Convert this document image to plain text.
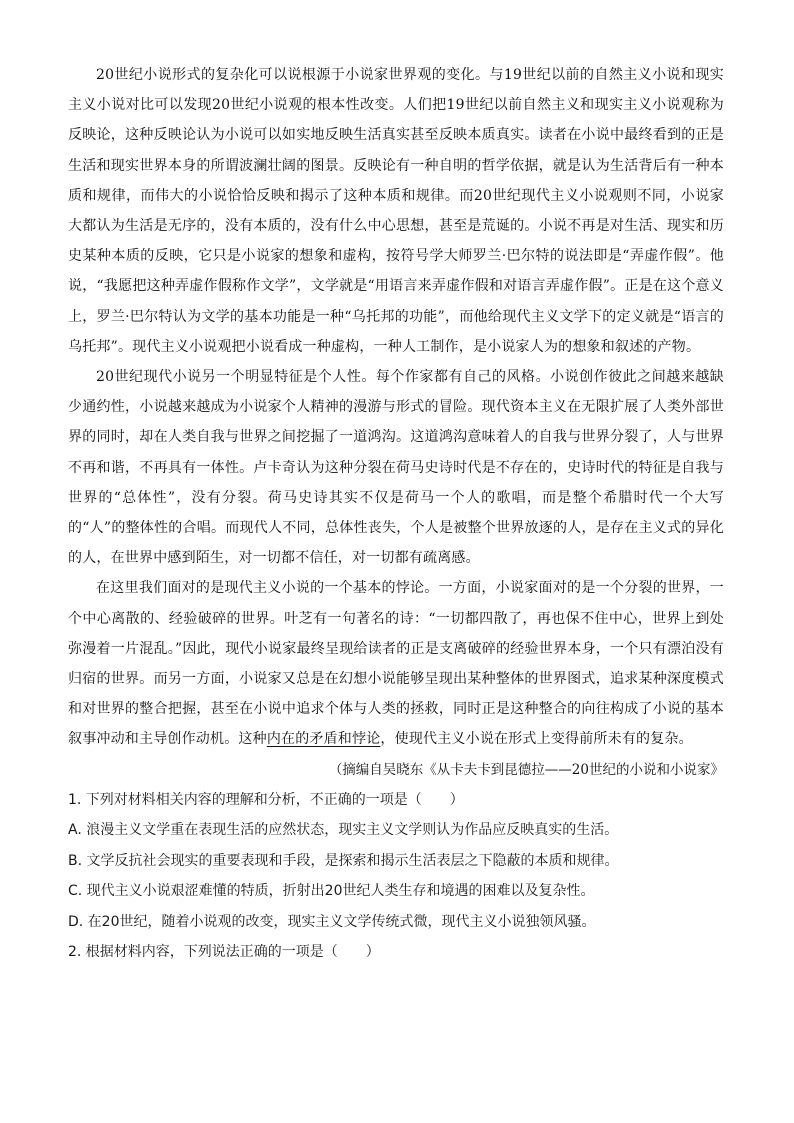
20世纪小说形式的复杂化可以说根源于小说家世界观的变化。与19世纪以前的自然主义小说和现实主义小说对比可以发现20世纪小说观的根本性改变。人们把19世纪以前自然主义和现实主义小说观称为反映论，这种反映论认为小说可以如实地反映生活真实甚至反映本质真实。读者在小说中最终看到的正是生活和现实世界本身的所谓波澜壮阔的图景。反映论有一种自明的哲学依据，就是认为生活背后有一种本质和规律，而伟大的小说恰恰反映和揭示了这种本质和规律。而20世纪现代主义小说观则不同，小说家大都认为生活是无序的，没有本质的，没有什么中心思想，甚至是荒诞的。小说不再是对生活、现实和历史某种本质的反映，它只是小说家的想象和虚构，按符号学大师罗兰·巴尔特的说法即是“弄虚作假”。他说，“我愿把这种弄虚作假称作文学”，文学就是“用语言来弄虚作假和对语言弄虚作假”。正是在这个意义上，罗兰·巴尔特认为文学的基本功能是一种“乌托邦的功能”，而他给现代主义文学下的定义就是“语言的乌托邦”。现代主义小说观把小说看成一种虚构，一种人工制作，是小说家人为的想象和叙述的产物。

20世纪现代小说另一个明显特征是个人性。每个作家都有自己的风格。小说创作彼此之间越来越缺少通约性，小说越来越成为小说家个人精神的漫游与形式的冒险。现代资本主义在无限扩展了人类外部世界的同时，却在人类自我与世界之间挖掘了一道鸿沟。这道鸿沟意味着人的自我与世界分裂了，人与世界不再和谐，不再具有一体性。卢卡奇认为这种分裂在荷马史诗时代是不存在的，史诗时代的特征是自我与世界的“总体性”，没有分裂。荷马史诗其实不仅是荷马一个人的歌唱，而是整个希腊时代一个大写的“人”的整体性的合唱。而现代人不同，总体性丧失，个人是被整个世界放逐的人，是存在主义式的异化的人，在世界中感到陌生，对一切都不信任，对一切都有疏离感。

在这里我们面对的是现代主义小说的一个基本的悖论。一方面，小说家面对的是一个分裂的世界，一个中心离散的、经验破碎的世界。叶芝有一句著名的诗：“一切都四散了，再也保不住中心，世界上到处弥漫着一片混乱。”因此，现代小说家最终呈现给读者的正是支离破碎的经验世界本身，一个只有漂泊没有归宿的世界。而另一方面，小说家又总是在幻想小说能够呈现出某种整体的世界图式，追求某种深度模式和对世界的整合把握，甚至在小说中追求个体与人类的拯救，同时正是这种整合的向往构成了小说的基本叙事冲动和主导创作动机。这种内在的矛盾和悖论，使现代主义小说在形式上变得前所未有的复杂。

（摘编自吴晓东《从卡夫卡到昆德拉——20世纪的小说和小说家》

1. 下列对材料相关内容的理解和分析，不正确的一项是（　　）

A. 浪漫主义文学重在表现生活的应然状态，现实主义文学则认为作品应反映真实的生活。

B. 文学反抗社会现实的重要表现和手段，是探索和揭示生活表层之下隐蔽的本质和规律。

C. 现代主义小说艰涩难懂的特质，折射出20世纪人类生存和境遇的困难以及复杂性。

D. 在20世纪，随着小说观的改变，现实主义文学传统式微，现代主义小说独领风骚。

2. 根据材料内容，下列说法正确的一项是（　　）
